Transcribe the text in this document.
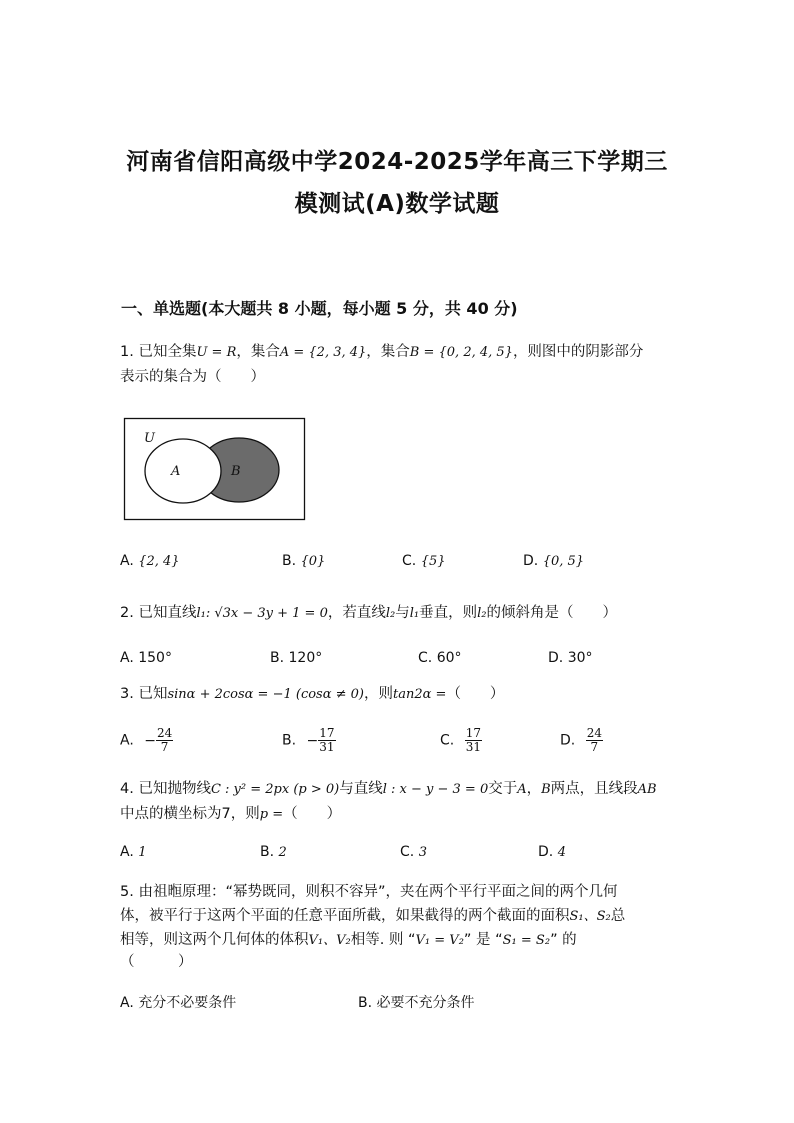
河南省信阳高级中学2024-2025学年高三下学期三
模测试(A)数学试题
一、单选题(本大题共 8 小题，每小题 5 分，共 40 分)
1. 已知全集U = R，集合A = {2, 3, 4}，集合B = {0, 2, 4, 5}，则图中的阴影部分
表示的集合为（　　）
U
A	B
A. {2, 4}	B. {0}	C. {5}	D. {0, 5}
2. 已知直线l₁: √3x − 3y + 1 = 0，若直线l₂与l₁垂直，则l₂的倾斜角是（　　）
A. 150°	B. 120°	C. 60°	D. 30°
3. 已知sinα + 2cosα = −1 (cosα ≠ 0)，则tan2α =（　　）
A. − $\frac{24}{7}$	B. − $\frac{17}{31}$	C. $\frac{17}{31}$	D. $\frac{24}{7}$
4. 已知抛物线C : y² = 2px (p > 0)与直线l : x − y − 3 = 0交于A，B两点，且线段AB
中点的横坐标为7，则p =（　　）
A. 1	B. 2	C. 3	D. 4
5. 由祖暅原理：“幂势既同，则积不容异”，夹在两个平行平面之间的两个几何
体，被平行于这两个平面的任意平面所截，如果截得的两个截面的面积S₁、S₂总
相等，则这两个几何体的体积V₁、V₂相等. 则 “V₁ = V₂” 是 “S₁ = S₂” 的
（　　　）
A. 充分不必要条件	B. 必要不充分条件
